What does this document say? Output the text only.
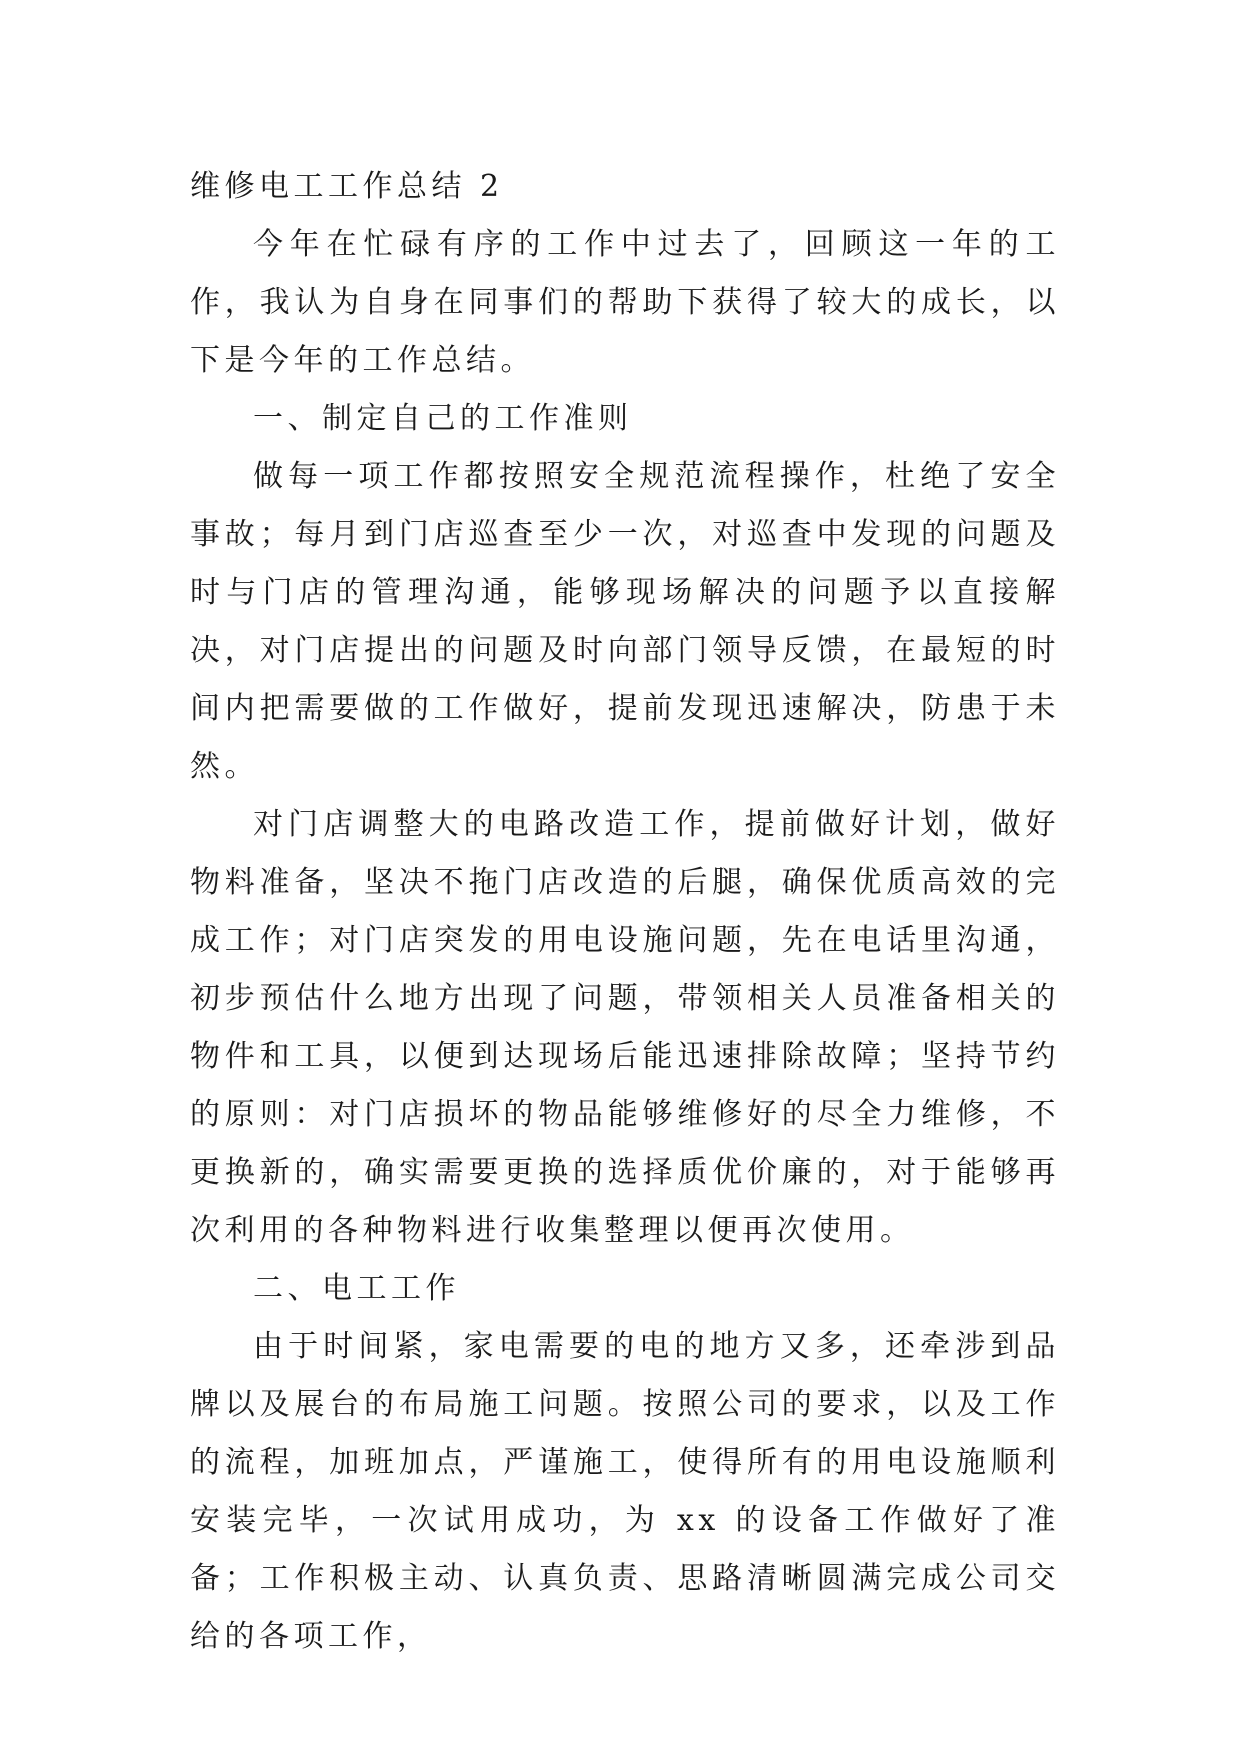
维修电工工作总结 2

今年在忙碌有序的工作中过去了，回顾这一年的工作，我认为自身在同事们的帮助下获得了较大的成长，以下是今年的工作总结。

一、制定自己的工作准则

做每一项工作都按照安全规范流程操作，杜绝了安全事故；每月到门店巡查至少一次，对巡查中发现的问题及时与门店的管理沟通，能够现场解决的问题予以直接解决，对门店提出的问题及时向部门领导反馈，在最短的时间内把需要做的工作做好，提前发现迅速解决，防患于未然。

对门店调整大的电路改造工作，提前做好计划，做好物料准备，坚决不拖门店改造的后腿，确保优质高效的完成工作；对门店突发的用电设施问题，先在电话里沟通，初步预估什么地方出现了问题，带领相关人员准备相关的物件和工具，以便到达现场后能迅速排除故障；坚持节约的原则：对门店损坏的物品能够维修好的尽全力维修，不更换新的，确实需要更换的选择质优价廉的，对于能够再次利用的各种物料进行收集整理以便再次使用。

二、电工工作

由于时间紧，家电需要的电的地方又多，还牵涉到品牌以及展台的布局施工问题。按照公司的要求，以及工作的流程，加班加点，严谨施工，使得所有的用电设施顺利安装完毕，一次试用成功，为 xx 的设备工作做好了准备；工作积极主动、认真负责、思路清晰圆满完成公司交给的各项工作，
